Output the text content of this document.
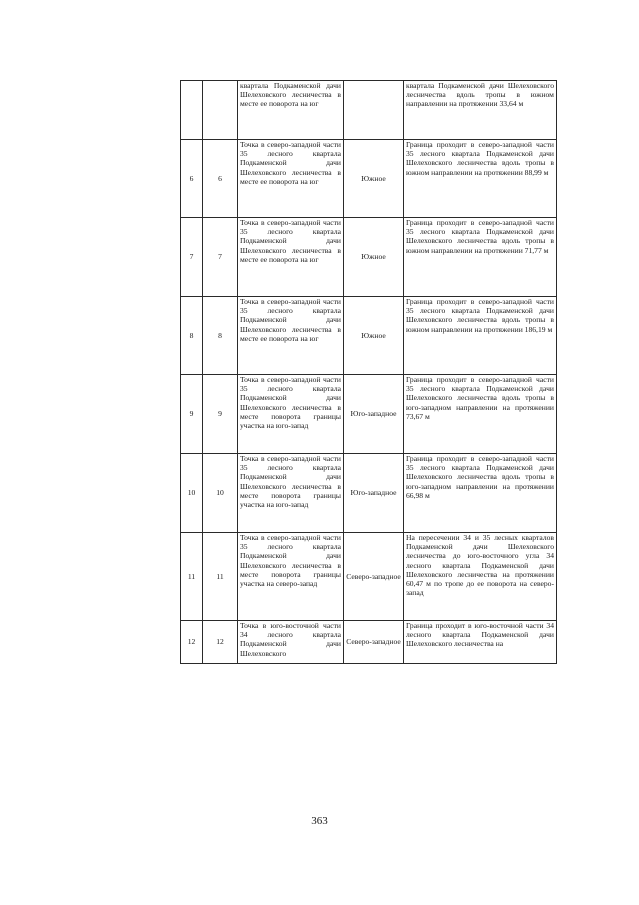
		квартала Подкаменской дачи Шелеховского лесничества в месте ее поворота на юг		квартала Подкаменской дачи Шелеховского лесничества вдоль тропы в южном направлении на протяжении 33,64 м
6	6	Точка в северо-западной части 35 лесного квартала Подкаменской дачи Шелеховского лесничества в месте ее поворота на юг	Южное	Граница проходит в северо-западной части 35 лесного квартала Подкаменской дачи Шелеховского лесничества вдоль тропы в южном направлении на протяжении 88,99 м
7	7	Точка в северо-западной части 35 лесного квартала Подкаменской дачи Шелеховского лесничества в месте ее поворота на юг	Южное	Граница проходит в северо-западной части 35 лесного квартала Подкаменской дачи Шелеховского лесничества вдоль тропы в южном направлении на протяжении 71,77 м
8	8	Точка в северо-западной части 35 лесного квартала Подкаменской дачи Шелеховского лесничества в месте ее поворота на юг	Южное	Граница проходит в северо-западной части 35 лесного квартала Подкаменской дачи Шелеховского лесничества вдоль тропы в южном направлении на протяжении 186,19 м
9	9	Точка в северо-западной части 35 лесного квартала Подкаменской дачи Шелеховского лесничества в месте поворота границы участка на юго-запад	Юго-западное	Граница проходит в северо-западной части 35 лесного квартала Подкаменской дачи Шелеховского лесничества вдоль тропы в юго-западном направлении на протяжении 73,67 м
10	10	Точка в северо-западной части 35 лесного квартала Подкаменской дачи Шелеховского лесничества в месте поворота границы участка на юго-запад	Юго-западное	Граница проходит в северо-западной части 35 лесного квартала Подкаменской дачи Шелеховского лесничества вдоль тропы в юго-западном направлении на протяжении 66,98 м
11	11	Точка в северо-западной части 35 лесного квартала Подкаменской дачи Шелеховского лесничества в месте поворота границы участка на северо-запад	Северо-западное	На пересечении 34 и 35 лесных кварталов Подкаменской дачи Шелеховского лесничества до юго-восточного угла 34 лесного квартала Подкаменской дачи Шелеховского лесничества на протяжении 60,47 м по тропе до ее поворота на северо-запад
12	12	Точка в юго-восточной части 34 лесного квартала Подкаменской дачи Шелеховского	Северо-западное	Граница проходит в юго-восточной части 34 лесного квартала Подкаменской дачи Шелеховского лесничества на
363
